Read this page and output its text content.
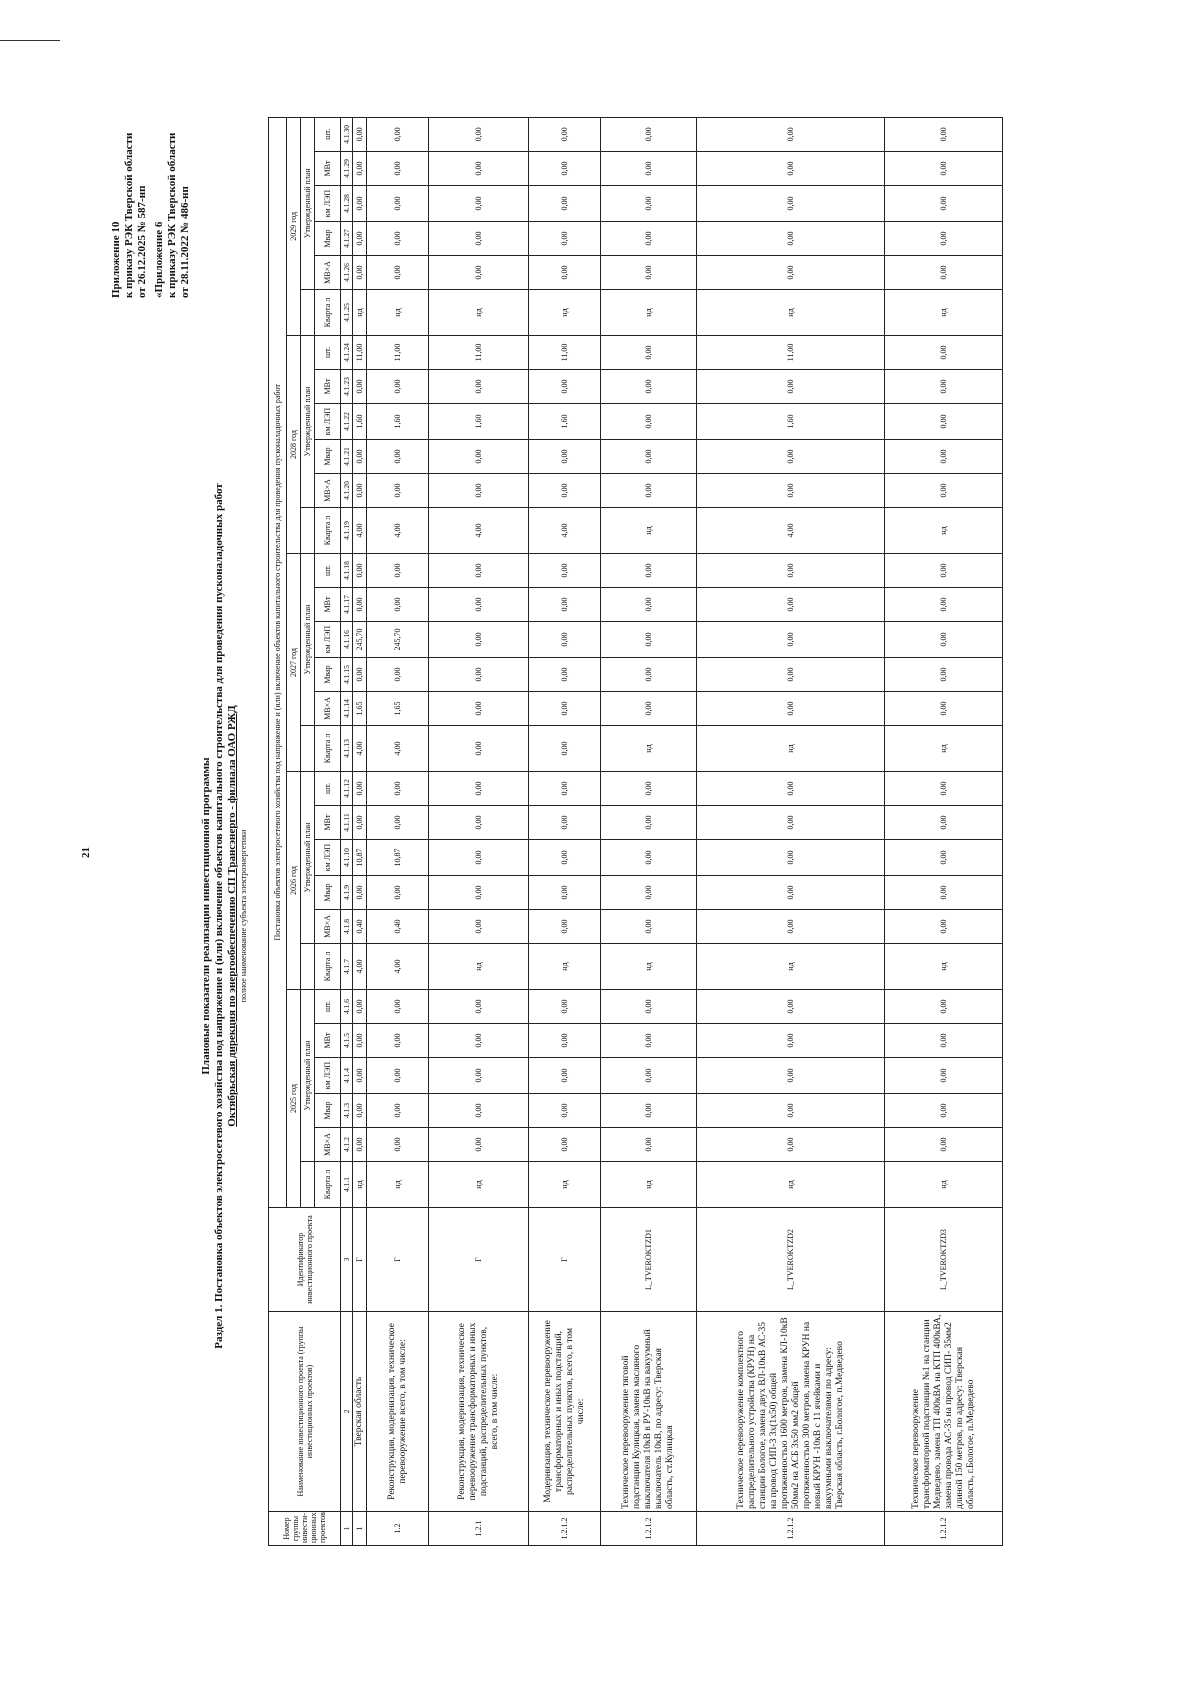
21
Приложение 10 к приказу РЭК Тверской области от 26.12.2025 № 587-нп «Приложение 6 к приказу РЭК Тверской области от 28.11.2022 № 486-нп
Плановые показатели реализации инвестиционной программы Раздел 1. Постановка объектов электросетевого хозяйства под напряжение и (или) включение объектов капитального строительства для проведения пусконаладочных работ Октябрьская дирекция по энергообеспечению СП Трансэнерго - филиала ОАО РЖД полное наименование субъекта электроэнергетики
Номер группы инвести-ционных проектов	Наименование инвестиционного проекта (группы инвестиционных проектов)	Идентификатор инвестиционного проекта	Постановка объектов электросетевого хозяйства под напряжение и (или) включение объектов капитального строительства для проведения пусконаладочных работ																													
			2025 год						2026 год						2027 год						2028 год						2029 год					
				Утвержденный план						Утвержденный план						Утвержденный план						Утвержденный план						Утвержденный план				
			Кварта л	МВ×А	Мвар	км ЛЭП	МВт	шт.	Кварта л	МВ×А	Мвар	км ЛЭП	МВт	шт.	Кварта л	МВ×А	Мвар	км ЛЭП	МВт	шт.	Кварта л	МВ×А	Мвар	км ЛЭП	МВт	шт.	Кварта л	МВ×А	Мвар	км ЛЭП	МВт	шт.
1	2	3	4.1.1	4.1.2	4.1.3	4.1.4	4.1.5	4.1.6	4.1.7	4.1.8	4.1.9	4.1.10	4.1.11	4.1.12	4.1.13	4.1.14	4.1.15	4.1.16	4.1.17	4.1.18	4.1.19	4.1.20	4.1.21	4.1.22	4.1.23	4.1.24	4.1.25	4.1.26	4.1.27	4.1.28	4.1.29	4.1.30
1	Тверская область	Г	нд	0,00	0,00	0,00	0,00	0,00	4,00	0,40	0,00	10,87	0,00	0,00	4,00	1,65	0,00	245,70	0,00	0,00	4,00	0,00	0,00	1,60	0,00	11,00	нд	0,00	0,00	0,00	0,00	0,00
1.2	Реконструкция, модернизация, техническое перевооружение всего, в том числе:	Г	нд	0,00	0,00	0,00	0,00	0,00	4,00	0,40	0,00	10,87	0,00	0,00	4,00	1,65	0,00	245,70	0,00	0,00	4,00	0,00	0,00	1,60	0,00	11,00	нд	0,00	0,00	0,00	0,00	0,00
1.2.1	Реконструкция, модернизация, техническое перевооружение трансформаторных и иных подстанций, распределительных пунктов, всего, в том числе:	Г	нд	0,00	0,00	0,00	0,00	0,00	нд	0,00	0,00	0,00	0,00	0,00	0,00	0,00	0,00	0,00	0,00	0,00	4,00	0,00	0,00	1,60	0,00	11,00	нд	0,00	0,00	0,00	0,00	0,00
1.2.1.2	Модернизация, техническое перевооружение трансформаторных и иных подстанций, распределительных пунктов, всего, в том числе:	Г	нд	0,00	0,00	0,00	0,00	0,00	нд	0,00	0,00	0,00	0,00	0,00	0,00	0,00	0,00	0,00	0,00	0,00	4,00	0,00	0,00	1,60	0,00	11,00	нд	0,00	0,00	0,00	0,00	0,00
1.2.1.2	Техническое перевооружение тяговой подстанции Кулицкая, замена масляного выключателя 10кВ в РУ-10кВ на вакуумный выключатель 10кВ, по адресу: Тверская область, ст.Кулицкая	L_TVEROKTZD1	нд	0,00	0,00	0,00	0,00	0,00	нд	0,00	0,00	0,00	0,00	0,00	нд	0,00	0,00	0,00	0,00	0,00	нд	0,00	0,00	0,00	0,00	0,00	нд	0,00	0,00	0,00	0,00	0,00
1.2.1.2	Техническое перевооружение комплектного распределительного устройства (КРУН) на станции Бологое, замена двух ВЛ-10кВ АС-35 на провод СИП-3 3х(1х50) общей протяженностью 1600 метров, замена КЛ-10кВ 50мм2 на АСБ 3х50 мм2 общей протяженностью 300 метров, замена КРУН на новый КРУН -10кВ с 11 ячейками и вакуумными выключателями по адресу: Тверская область, г.Бологое, п.Медведево	L_TVEROKTZD2	нд	0,00	0,00	0,00	0,00	0,00	нд	0,00	0,00	0,00	0,00	0,00	нд	0,00	0,00	0,00	0,00	0,00	4,00	0,00	0,00	1,60	0,00	11,00	нд	0,00	0,00	0,00	0,00	0,00
1.2.1.2	Техническое перевооружение трансформаторной подстанции №1 на станции Медведево, замена ТП 400кВА на КТП 400кВА, замена провода АС-35 на провод СИП- 35мм2 длиной 150 метров, по адресу: Тверская область, г.Бологое, п.Медведево	L_TVEROKTZD3	нд	0,00	0,00	0,00	0,00	0,00	нд	0,00	0,00	0,00	0,00	0,00	нд	0,00	0,00	0,00	0,00	0,00	нд	0,00	0,00	0,00	0,00	0,00	нд	0,00	0,00	0,00	0,00	0,00
